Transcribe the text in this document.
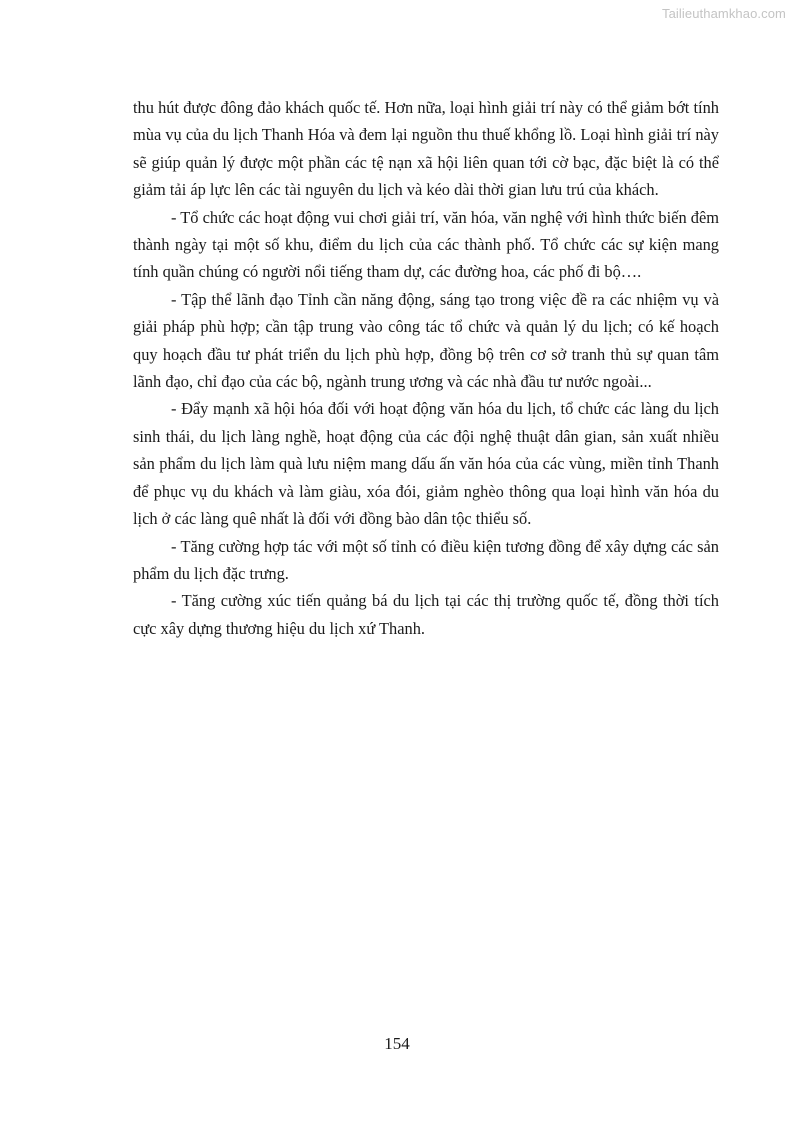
Tailieuthamkhao.com

thu hút được đông đảo khách quốc tế. Hơn nữa, loại hình giải trí này có thể giảm bớt tính mùa vụ của du lịch Thanh Hóa và đem lại nguồn thu thuế khổng lồ. Loại hình giải trí này sẽ giúp quản lý được một phần các tệ nạn xã hội liên quan tới cờ bạc, đặc biệt là có thể giảm tải áp lực lên các tài nguyên du lịch và kéo dài thời gian lưu trú của khách.

- Tổ chức các hoạt động vui chơi giải trí, văn hóa, văn nghệ với hình thức biến đêm thành ngày tại một số khu, điểm du lịch của các thành phố. Tổ chức các sự kiện mang tính quần chúng có người nổi tiếng tham dự, các đường hoa, các phố đi bộ….

- Tập thể lãnh đạo Tỉnh cần năng động, sáng tạo trong việc đề ra các nhiệm vụ và giải pháp phù hợp; cần tập trung vào công tác tổ chức và quản lý du lịch; có kế hoạch quy hoạch đầu tư phát triển du lịch phù hợp, đồng bộ trên cơ sở tranh thủ sự quan tâm lãnh đạo, chỉ đạo của các bộ, ngành trung ương và các nhà đầu tư nước ngoài...

- Đẩy mạnh xã hội hóa đối với hoạt động văn hóa du lịch, tổ chức các làng du lịch sinh thái, du lịch làng nghề, hoạt động của các đội nghệ thuật dân gian, sản xuất nhiều sản phẩm du lịch làm quà lưu niệm mang dấu ấn văn hóa của các vùng, miền tỉnh Thanh để phục vụ du khách và làm giàu, xóa đói, giảm nghèo thông qua loại hình văn hóa du lịch ở các làng quê nhất là đối với đồng bào dân tộc thiểu số.

- Tăng cường hợp tác với một số tỉnh có điều kiện tương đồng để xây dựng các sản phẩm du lịch đặc trưng.

- Tăng cường xúc tiến quảng bá du lịch tại các thị trường quốc tế, đồng thời tích cực xây dựng thương hiệu du lịch xứ Thanh.

154
